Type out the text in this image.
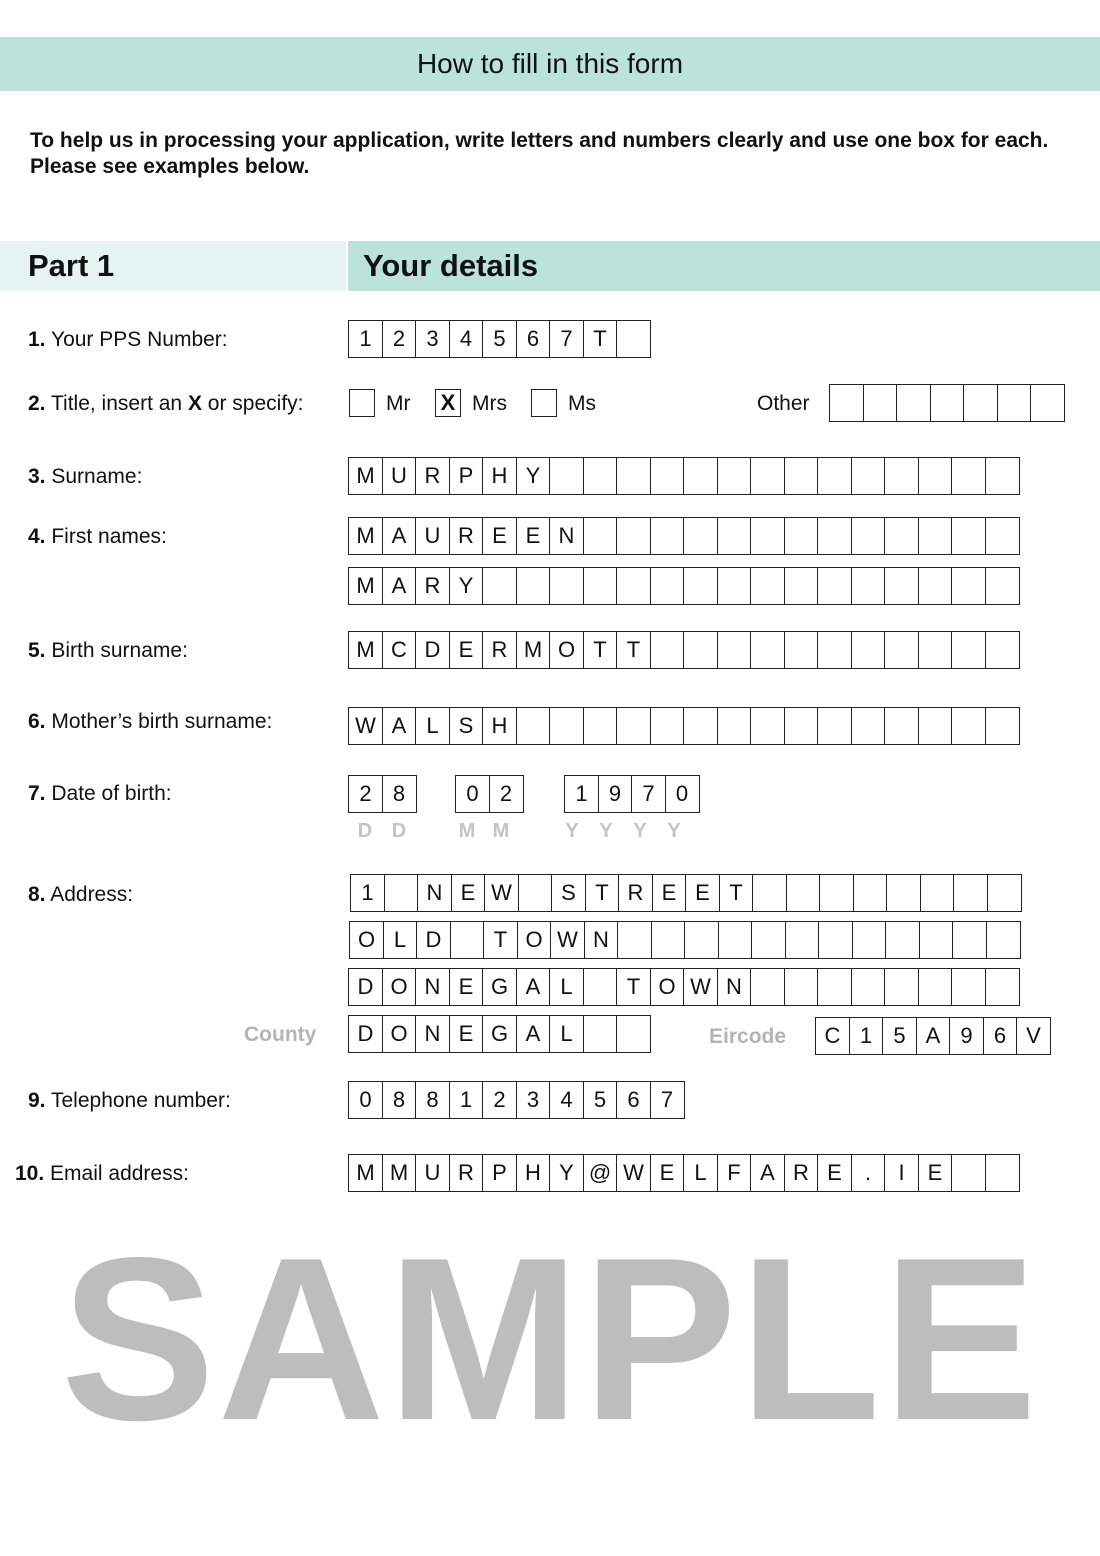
How to fill in this form
To help us in processing your application, write letters and numbers clearly and use one box for each. Please see examples below.
Part 1	Your details
1. Your PPS Number:	1 2 3 4 5 6 7 T
2. Title, insert an X or specify:	Mr X Mrs	Ms	Other
3. Surname:	M U R P H Y
4. First names:	M A U R E E N
M A R Y
5. Birth surname:	M C D E R M O T T
6. Mother’s birth surname:	W A L S H
7. Date of birth:	2 8	0 2	1 9 7 0
D D	M M	Y	Y	Y	Y
8. Address:	1	N E W	S T R E E T
O L D	T O W N
D O N E G A L	T O W N
County	D O N E G A L	Eircode	C 1 5 A 9 6 V
9. Telephone number:	0 8 8 1 2 3 4 5 6 7
10. Email address:	M M U R P H Y @ W E L F A R E	.	I	E
SAMPLE
